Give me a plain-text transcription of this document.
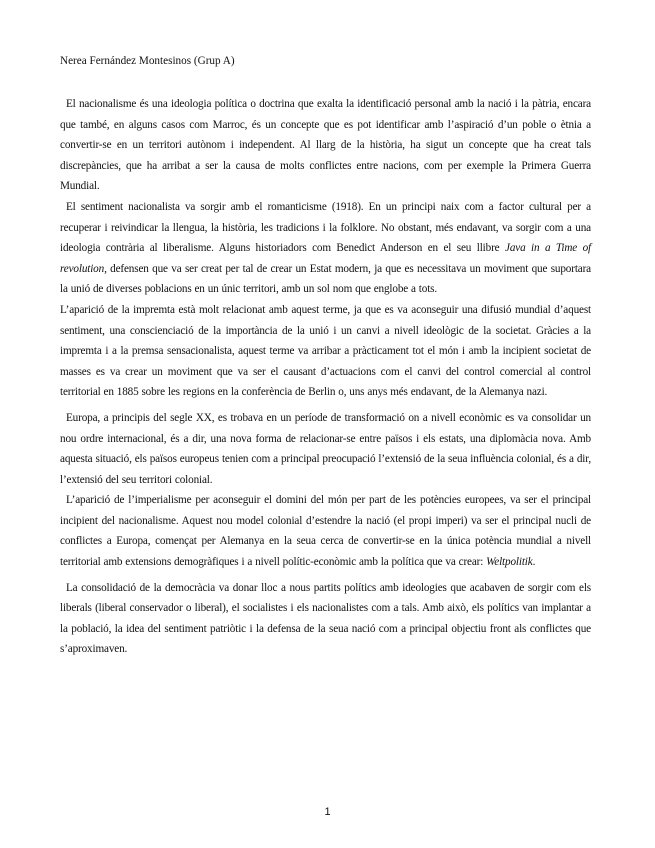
Nerea Fernández Montesinos (Grup A)

El nacionalisme és una ideologia política o doctrina que exalta la identificació personal amb la nació i la pàtria, encara que també, en alguns casos com Marroc, és un concepte que es pot identificar amb l’aspiració d’un poble o ètnia a convertir-se en un territori autònom i independent. Al llarg de la història, ha sigut un concepte que ha creat tals discrepàncies, que ha arribat a ser la causa de molts conflictes entre nacions, com per exemple la Primera Guerra Mundial.

El sentiment nacionalista va sorgir amb el romanticisme (1918). En un principi naix com a factor cultural per a recuperar i reivindicar la llengua, la història, les tradicions i la folklore. No obstant, més endavant, va sorgir com a una ideologia contrària al liberalisme. Alguns historiadors com Benedict Anderson en el seu llibre Java in a Time of revolution, defensen que va ser creat per tal de crear un Estat modern, ja que es necessitava un moviment que suportara la unió de diverses poblacions en un únic territori, amb un sol nom que englobe a tots.

L’aparició de la impremta està molt relacionat amb aquest terme, ja que es va aconseguir una difusió mundial d’aquest sentiment, una conscienciació de la importància de la unió i un canvi a nivell ideològic de la societat. Gràcies a la impremta i a la premsa sensacionalista, aquest terme va arribar a pràcticament tot el món i amb la incipient societat de masses es va crear un moviment que va ser el causant d’actuacions com el canvi del control comercial al control territorial en 1885 sobre les regions en la conferència de Berlin o, uns anys més endavant, de la Alemanya nazi.

Europa, a principis del segle XX, es trobava en un període de transformació on a nivell econòmic es va consolidar un nou ordre internacional, és a dir, una nova forma de relacionar-se entre països i els estats, una diplomàcia nova. Amb aquesta situació, els països europeus tenien com a principal preocupació l’extensió de la seua influència colonial, és a dir, l’extensió del seu territori colonial.

L’aparició de l’imperialisme per aconseguir el domini del món per part de les potències europees, va ser el principal incipient del nacionalisme. Aquest nou model colonial d’estendre la nació (el propi imperi) va ser el principal nucli de conflictes a Europa, començat per Alemanya en la seua cerca de convertir-se en la única potència mundial a nivell territorial amb extensions demogràfiques i a nivell polític-econòmic amb la política que va crear: Weltpolitik.

La consolidació de la democràcia va donar lloc a nous partits polítics amb ideologies que acabaven de sorgir com els liberals (liberal conservador o liberal), el socialistes i els nacionalistes com a tals. Amb això, els polítics van implantar a la població, la idea del sentiment patriòtic i la defensa de la seua nació com a principal objectiu front als conflictes que s’aproximaven.

1
